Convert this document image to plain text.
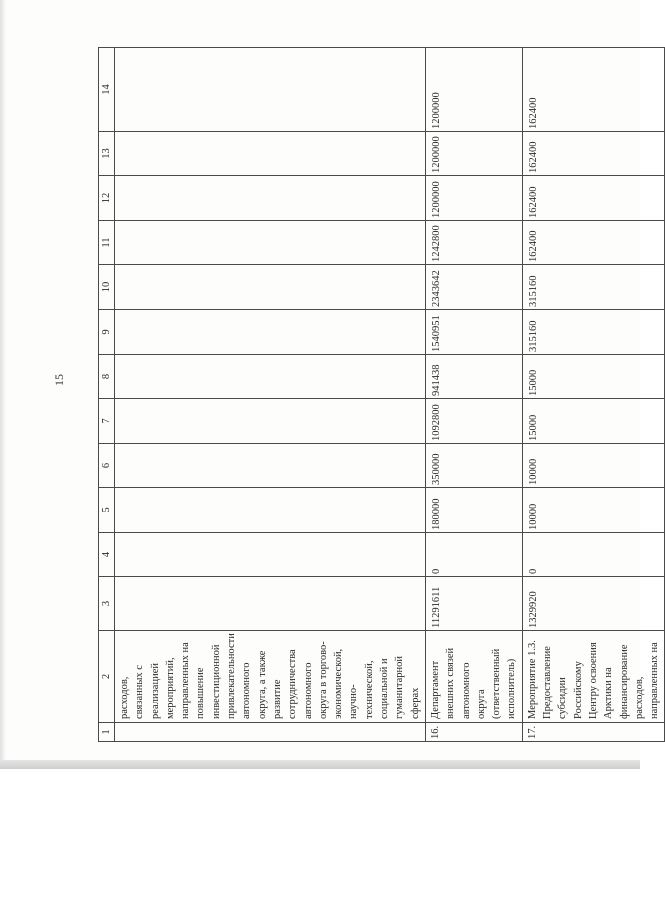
15
1	2	3	4	5	6	7	8	9	10	11	12	13	14
	расходов, связанных с реализацией мероприятий, направленных на повышение инвестиционной привлекательности автономного округа, а также развитие сотрудничества автономного округа в торгово-экономической, научно-технической, социальной и гуманитарной сферах												
16.	Департамент внешних связей автономного округа (ответственный исполнитель)	11291611	0	180000	350000	1092800	941438	1540951	2343642	1242800	1200000	1200000	1200000
17.	Мероприятие 1.3. Предоставление субсидии Российскому Центру освоения Арктики на финансирование расходов, направленных на	1329920	0	10000	10000	15000	15000	315160	315160	162400	162400	162400	162400
